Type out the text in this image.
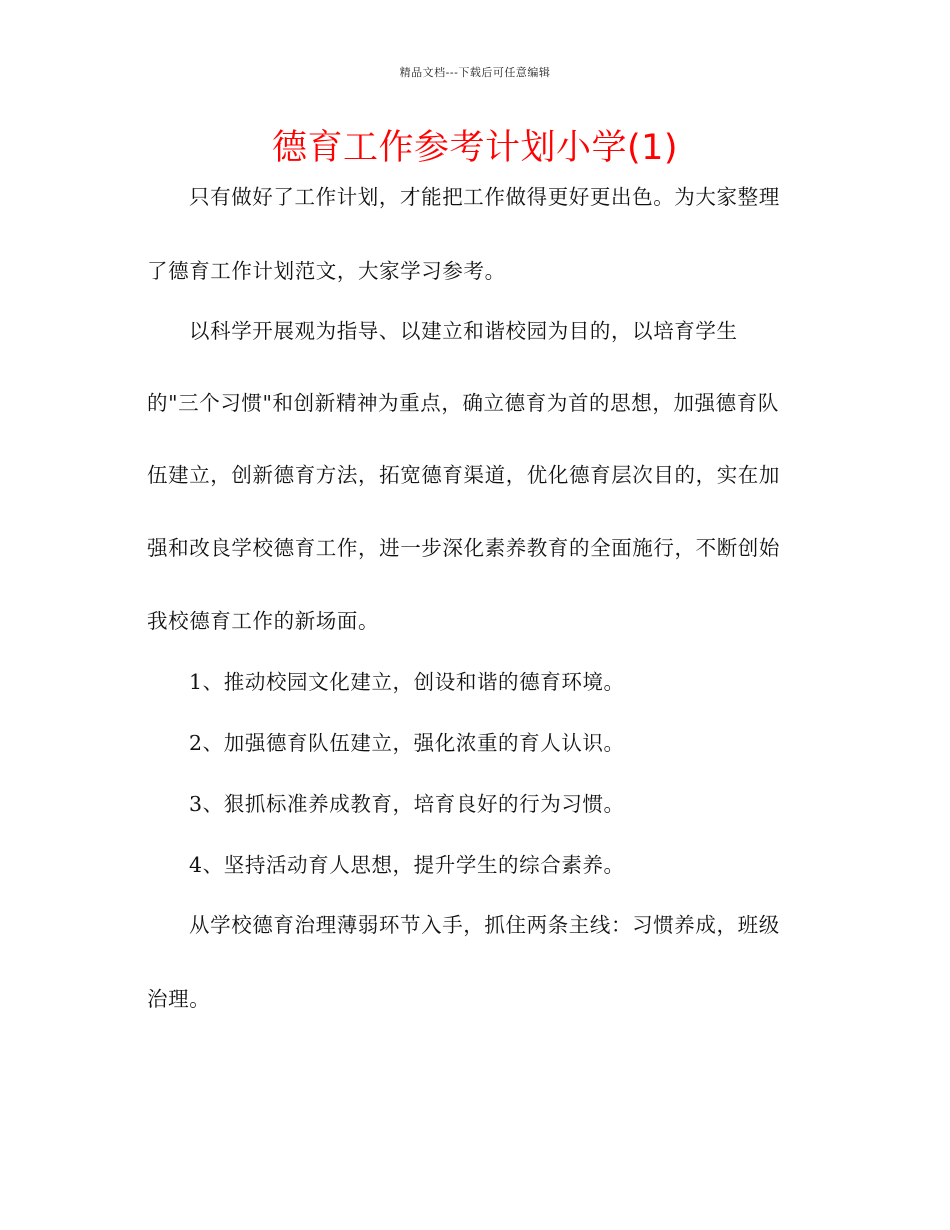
精品文档---下载后可任意编辑
德育工作参考计划小学(1)
只有做好了工作计划，才能把工作做得更好更出色。为大家整理
了德育工作计划范文，大家学习参考。
以科学开展观为指导、以建立和谐校园为目的，以培育学生
的"三个习惯"和创新精神为重点，确立德育为首的思想，加强德育队
伍建立，创新德育方法，拓宽德育渠道，优化德育层次目的，实在加
强和改良学校德育工作，进一步深化素养教育的全面施行，不断创始
我校德育工作的新场面。
1、推动校园文化建立，创设和谐的德育环境。
2、加强德育队伍建立，强化浓重的育人认识。
3、狠抓标准养成教育，培育良好的行为习惯。
4、坚持活动育人思想，提升学生的综合素养。
从学校德育治理薄弱环节入手，抓住两条主线：习惯养成，班级
治理。
